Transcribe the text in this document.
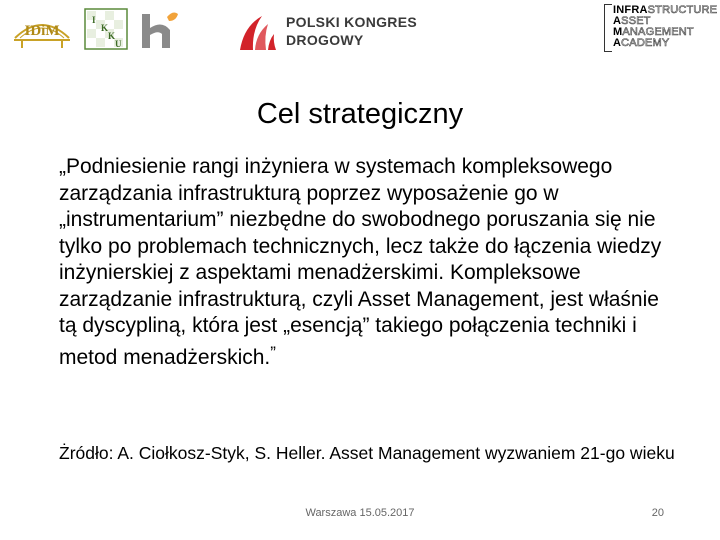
IDiM
I
K
K
U
POLSKI KONGRES
DROGOWY
INFRASTRUCTURE
ASSET
MANAGEMENT
ACADEMY
Cel strategiczny
„Podniesienie rangi inżyniera w systemach kompleksowego zarządzania infrastrukturą poprzez wyposażenie go w „instrumentarium” niezbędne do swobodnego poruszania się nie tylko po problemach technicznych, lecz także do łączenia wiedzy inżynierskiej z aspektami menadżerskimi. Kompleksowe zarządzanie infrastrukturą, czyli Asset Management, jest właśnie tą dyscypliną, która jest „esencją” takiego połączenia techniki i metod menadżerskich.”
Żródło: A. Ciołkosz-Styk, S. Heller. Asset Management wyzwaniem 21-go wieku
Warszawa 15.05.2017	20
